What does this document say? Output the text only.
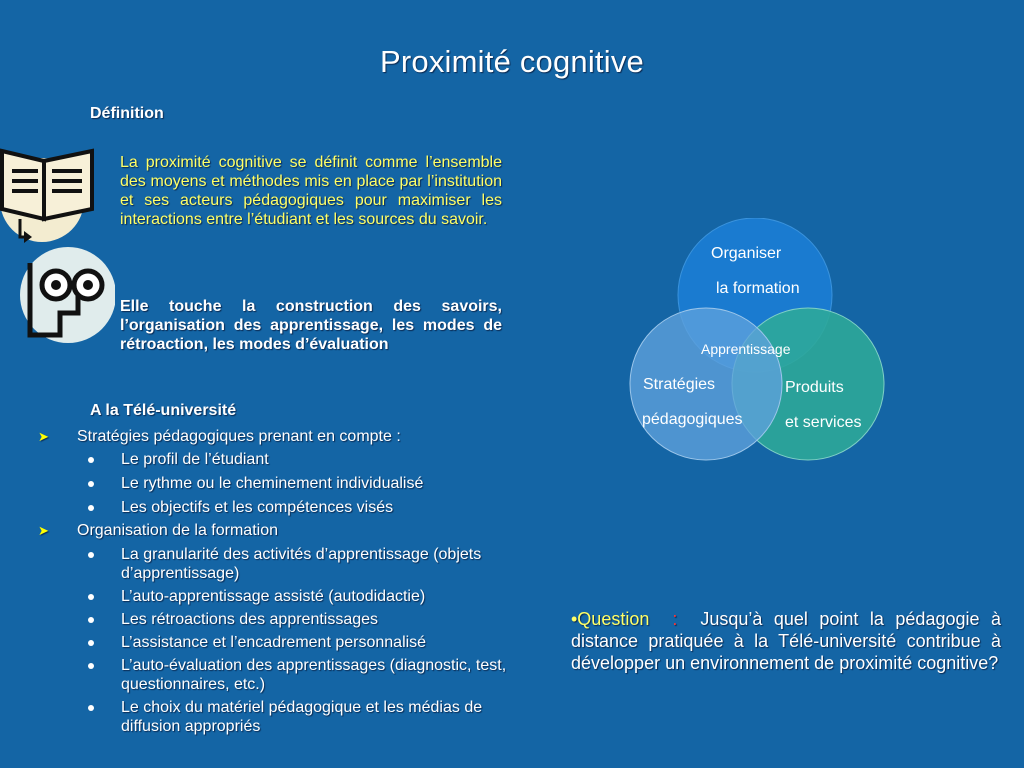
Proximité cognitive
Définition
La proximité cognitive se définit comme l’ensemble des moyens et méthodes mis en place par l’institution et ses acteurs pédagogiques pour maximiser les interactions entre l’étudiant et les sources du savoir.
Elle touche la construction des savoirs, l’organisation des apprentissage, les modes de rétroaction, les modes d’évaluation
A la Télé-université
➤ Stratégies pédagogiques prenant en compte :
Le profil de l’étudiant
Le rythme ou le cheminement individualisé
Les objectifs et les compétences visés
➤ Organisation de la formation
La granularité des activités d’apprentissage (objets d’apprentissage)
L’auto-apprentissage assisté (autodidactie)
Les rétroactions des apprentissages
L’assistance et l’encadrement personnalisé
L’auto-évaluation des apprentissages (diagnostic, test, questionnaires, etc.)
Le choix du matériel pédagogique et les médias de diffusion appropriés
Organiser
la formation
Apprentissage
Stratégies
pédagogiques
Produits
et services
•Question : Jusqu’à quel point la pédagogie à distance pratiquée à la Télé-université contribue à développer un environnement de proximité cognitive?
